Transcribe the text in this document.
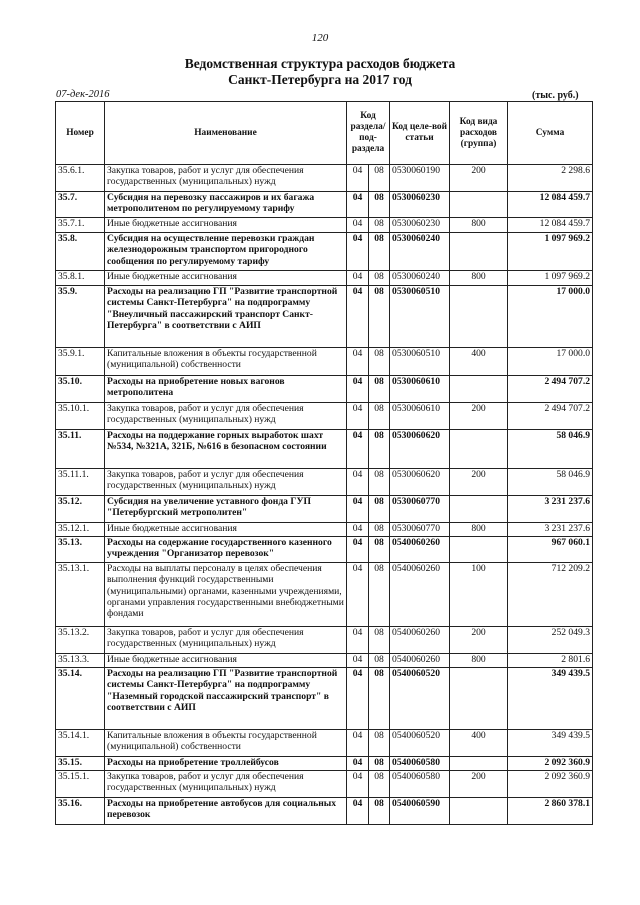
120
Ведомственная структура расходов бюджета
Санкт-Петербурга на 2017 год
07-дек-2016	(тыс. руб.)
Номер	Наименование	Код раздела/ под-раздела		Код целе-вой статьи	Код вида расходов (группа)	Сумма
35.6.1.	Закупка товаров, работ и услуг для обеспечения государственных (муниципальных) нужд	04	08	0530060190	200	2 298.6
35.7.	Субсидия на перевозку пассажиров и их багажа метрополитеном по регулируемому тарифу	04	08	0530060230		12 084 459.7
35.7.1.	Иные бюджетные ассигнования	04	08	0530060230	800	12 084 459.7
35.8.	Субсидия на осуществление перевозки граждан железнодорожным транспортом пригородного сообщения по регулируемому тарифу	04	08	0530060240		1 097 969.2
35.8.1.	Иные бюджетные ассигнования	04	08	0530060240	800	1 097 969.2
35.9.	Расходы на реализацию ГП "Развитие транспортной системы Санкт-Петербурга" на подпрограмму "Внеуличный пассажирский транспорт Санкт-Петербурга" в соответствии с АИП	04	08	0530060510		17 000.0
35.9.1.	Капитальные вложения в объекты государственной (муниципальной) собственности	04	08	0530060510	400	17 000.0
35.10.	Расходы на приобретение новых вагонов метрополитена	04	08	0530060610		2 494 707.2
35.10.1.	Закупка товаров, работ и услуг для обеспечения государственных (муниципальных) нужд	04	08	0530060610	200	2 494 707.2
35.11.	Расходы на поддержание горных выработок шахт №534, №321А, 321Б, №616 в безопасном состоянии	04	08	0530060620		58 046.9
35.11.1.	Закупка товаров, работ и услуг для обеспечения государственных (муниципальных) нужд	04	08	0530060620	200	58 046.9
35.12.	Субсидия на увеличение уставного фонда ГУП "Петербургский метрополитен"	04	08	0530060770		3 231 237.6
35.12.1.	Иные бюджетные ассигнования	04	08	0530060770	800	3 231 237.6
35.13.	Расходы на содержание государственного казенного учреждения "Организатор перевозок"	04	08	0540060260		967 060.1
35.13.1.	Расходы на выплаты персоналу в целях обеспечения выполнения функций государственными (муниципальными) органами, казенными учреждениями, органами управления государственными внебюджетными фондами	04	08	0540060260	100	712 209.2
35.13.2.	Закупка товаров, работ и услуг для обеспечения государственных (муниципальных) нужд	04	08	0540060260	200	252 049.3
35.13.3.	Иные бюджетные ассигнования	04	08	0540060260	800	2 801.6
35.14.	Расходы на реализацию ГП "Развитие транспортной системы Санкт-Петербурга" на подпрограмму "Наземный городской пассажирский транспорт" в соответствии с АИП	04	08	0540060520		349 439.5
35.14.1.	Капитальные вложения в объекты государственной (муниципальной) собственности	04	08	0540060520	400	349 439.5
35.15.	Расходы на приобретение троллейбусов	04	08	0540060580		2 092 360.9
35.15.1.	Закупка товаров, работ и услуг для обеспечения государственных (муниципальных) нужд	04	08	0540060580	200	2 092 360.9
35.16.	Расходы на приобретение автобусов для социальных перевозок	04	08	0540060590		2 860 378.1
